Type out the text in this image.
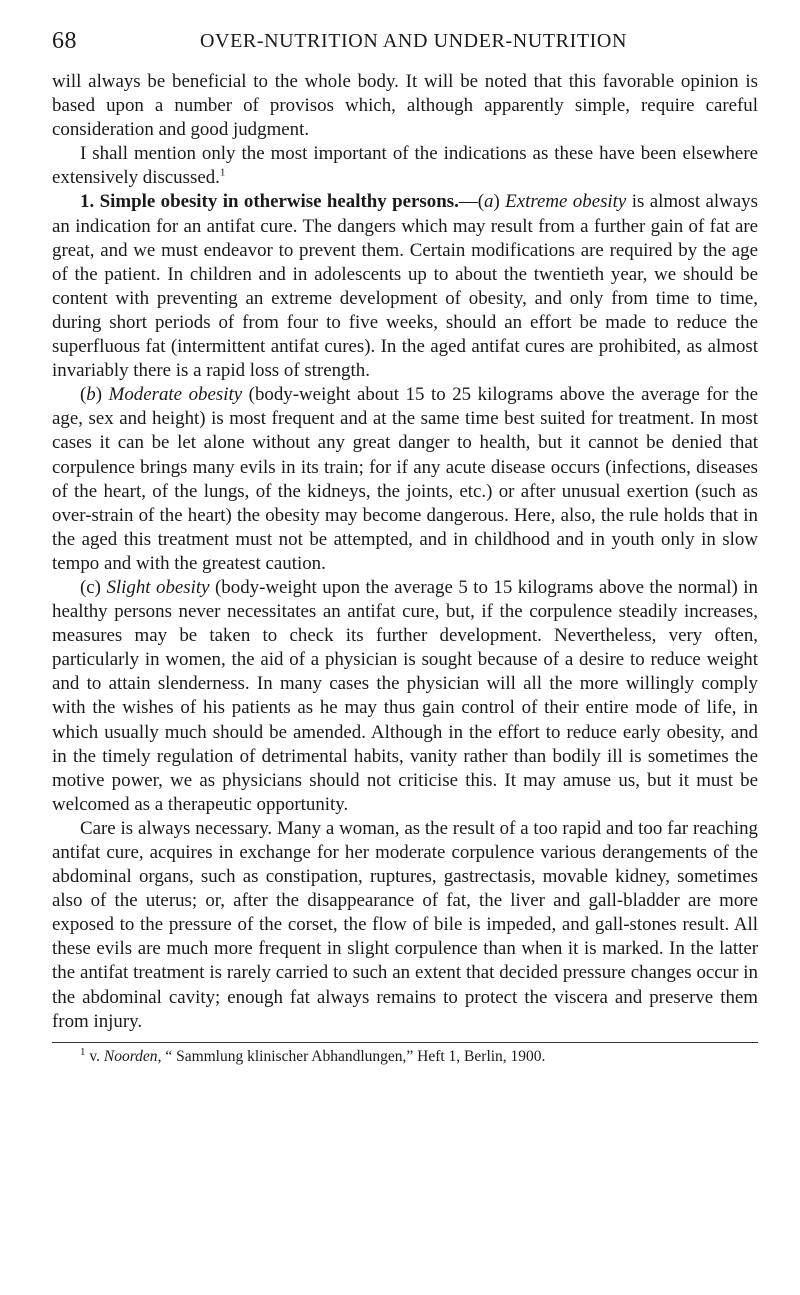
68	OVER-NUTRITION AND UNDER-NUTRITION

will always be beneficial to the whole body. It will be noted that this favorable opinion is based upon a number of provisos which, although apparently simple, require careful consideration and good judgment.

I shall mention only the most important of the indications as these have been elsewhere extensively discussed.$^1$

1. Simple obesity in otherwise healthy persons.—(a) Extreme obesity is almost always an indication for an antifat cure. The dangers which may result from a further gain of fat are great, and we must endeavor to prevent them. Certain modifications are required by the age of the patient. In children and in adolescents up to about the twentieth year, we should be content with preventing an extreme development of obesity, and only from time to time, during short periods of from four to five weeks, should an effort be made to reduce the superfluous fat (intermittent antifat cures). In the aged antifat cures are prohibited, as almost invariably there is a rapid loss of strength.

(b) Moderate obesity (body-weight about 15 to 25 kilograms above the average for the age, sex and height) is most frequent and at the same time best suited for treatment. In most cases it can be let alone without any great danger to health, but it cannot be denied that corpulence brings many evils in its train; for if any acute disease occurs (infections, diseases of the heart, of the lungs, of the kidneys, the joints, etc.) or after unusual exertion (such as over-strain of the heart) the obesity may become dangerous. Here, also, the rule holds that in the aged this treatment must not be attempted, and in childhood and in youth only in slow tempo and with the greatest caution.

(c) Slight obesity (body-weight upon the average 5 to 15 kilograms above the normal) in healthy persons never necessitates an antifat cure, but, if the corpulence steadily increases, measures may be taken to check its further development. Nevertheless, very often, particularly in women, the aid of a physician is sought because of a desire to reduce weight and to attain slenderness. In many cases the physician will all the more willingly comply with the wishes of his patients as he may thus gain control of their entire mode of life, in which usually much should be amended. Although in the effort to reduce early obesity, and in the timely regulation of detrimental habits, vanity rather than bodily ill is sometimes the motive power, we as physicians should not criticise this. It may amuse us, but it must be welcomed as a therapeutic opportunity.

Care is always necessary. Many a woman, as the result of a too rapid and too far reaching antifat cure, acquires in exchange for her moderate corpulence various derangements of the abdominal organs, such as constipation, ruptures, gastrectasis, movable kidney, sometimes also of the uterus; or, after the disappearance of fat, the liver and gall-bladder are more exposed to the pressure of the corset, the flow of bile is impeded, and gall-stones result. All these evils are much more frequent in slight corpulence than when it is marked. In the latter the antifat treatment is rarely carried to such an extent that decided pressure changes occur in the abdominal cavity; enough fat always remains to protect the viscera and preserve them from injury.

$^1$ v. Noorden, “ Sammlung klinischer Abhandlungen,” Heft 1, Berlin, 1900.
